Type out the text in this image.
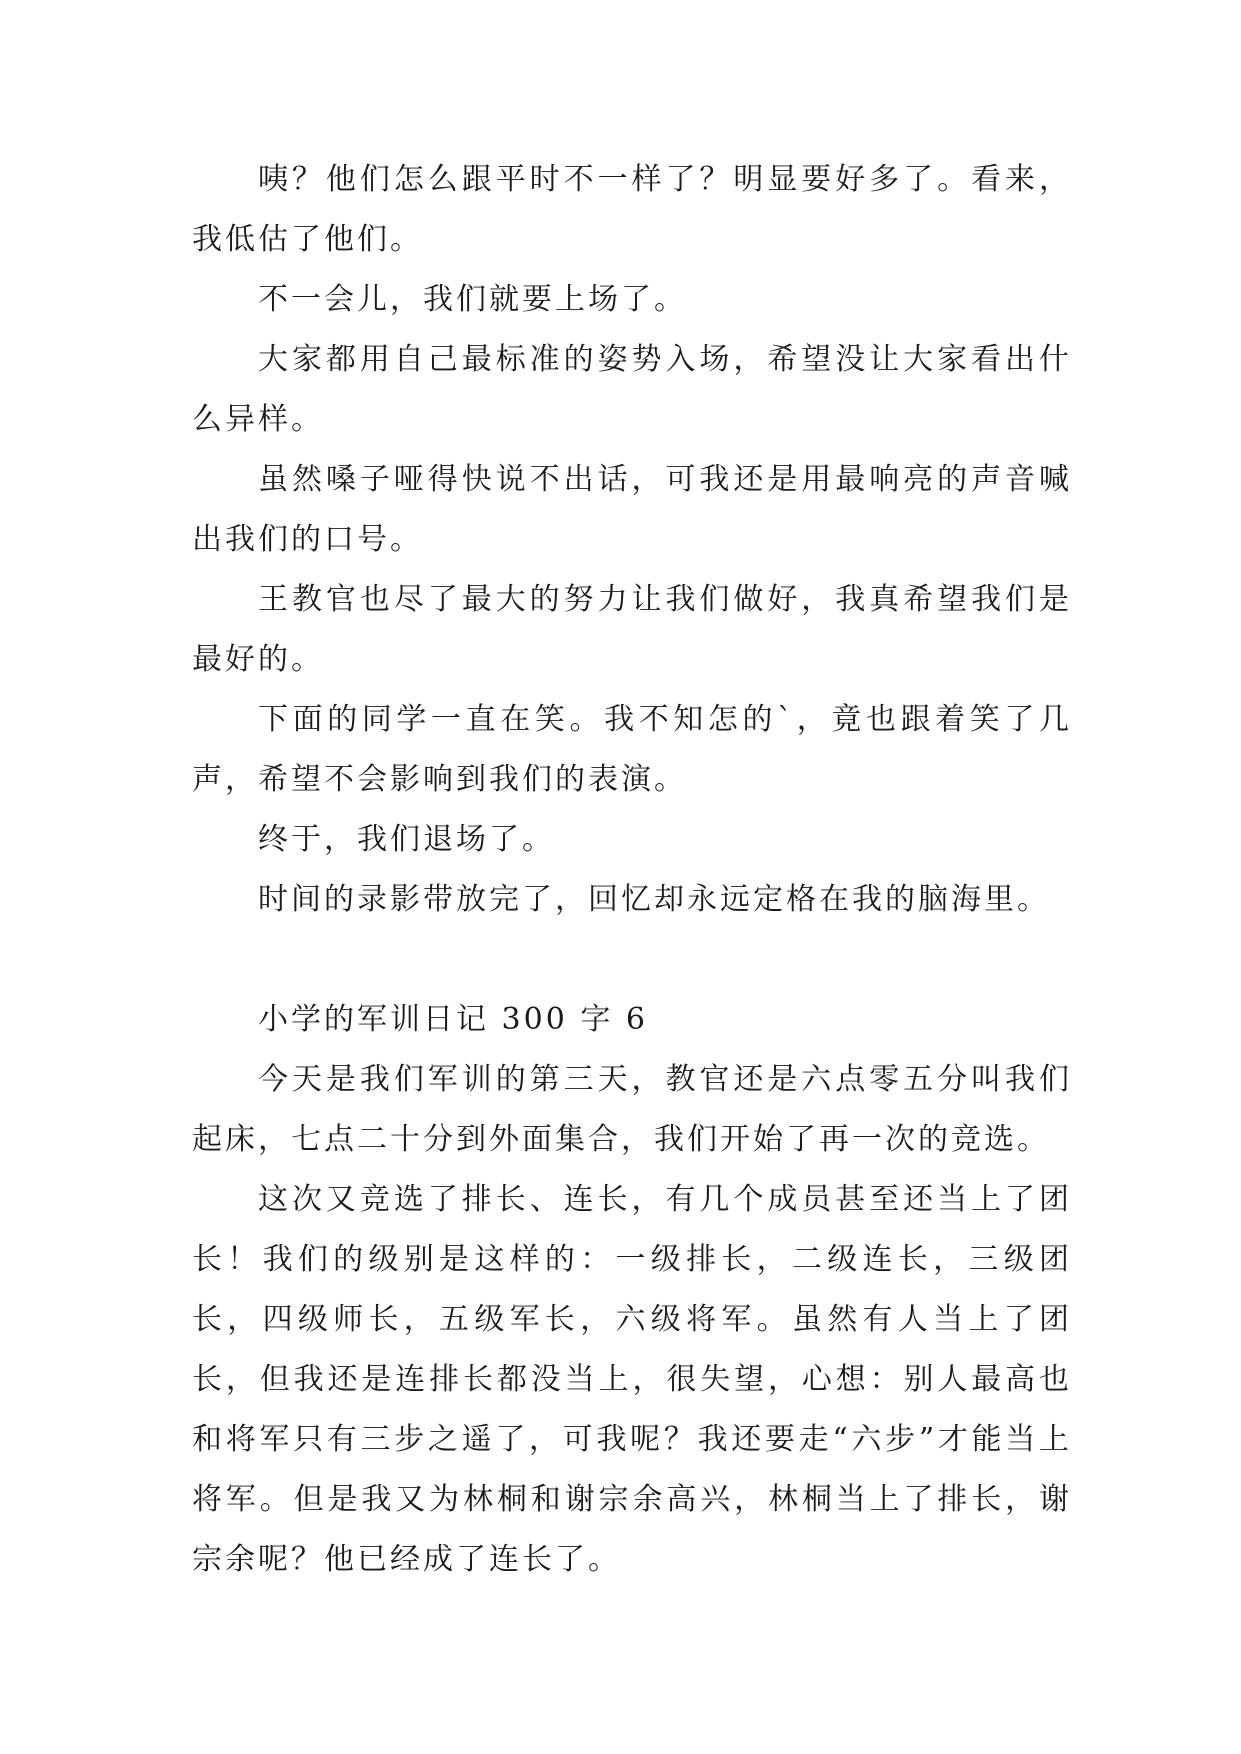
咦？他们怎么跟平时不一样了？明显要好多了。看来，我低估了他们。

不一会儿，我们就要上场了。

大家都用自己最标准的姿势入场，希望没让大家看出什么异样。

虽然嗓子哑得快说不出话，可我还是用最响亮的声音喊出我们的口号。

王教官也尽了最大的努力让我们做好，我真希望我们是最好的。

下面的同学一直在笑。我不知怎的`，竟也跟着笑了几声，希望不会影响到我们的表演。

终于，我们退场了。

时间的录影带放完了，回忆却永远定格在我的脑海里。

小学的军训日记 300 字 6

今天是我们军训的第三天，教官还是六点零五分叫我们起床，七点二十分到外面集合，我们开始了再一次的竞选。

这次又竞选了排长、连长，有几个成员甚至还当上了团长！我们的级别是这样的：一级排长，二级连长，三级团长，四级师长，五级军长，六级将军。虽然有人当上了团长，但我还是连排长都没当上，很失望，心想：别人最高也和将军只有三步之遥了，可我呢？我还要走“六步”才能当上将军。但是我又为林桐和谢宗余高兴，林桐当上了排长，谢宗余呢？他已经成了连长了。
